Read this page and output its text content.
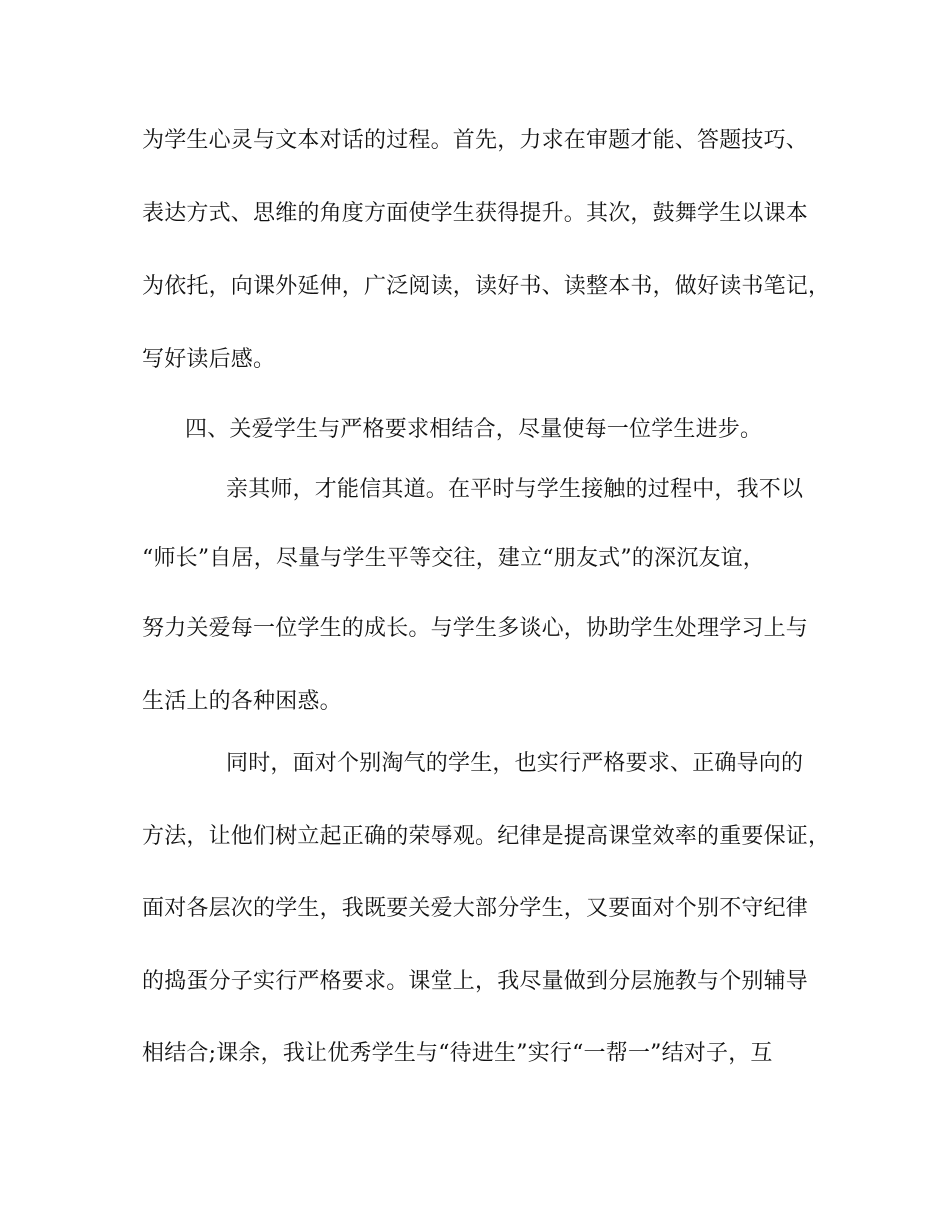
为学生心灵与文本对话的过程。首先，力求在审题才能、答题技巧、
表达方式、思维的角度方面使学生获得提升。其次，鼓舞学生以课本
为依托，向课外延伸，广泛阅读，读好书、读整本书，做好读书笔记，
写好读后感。
四、关爱学生与严格要求相结合，尽量使每一位学生进步。
亲其师，才能信其道。在平时与学生接触的过程中，我不以
“师长”自居，尽量与学生平等交往，建立“朋友式”的深沉友谊，
努力关爱每一位学生的成长。与学生多谈心，协助学生处理学习上与
生活上的各种困惑。
同时，面对个别淘气的学生，也实行严格要求、正确导向的
方法，让他们树立起正确的荣辱观。纪律是提高课堂效率的重要保证，
面对各层次的学生，我既要关爱大部分学生，又要面对个别不守纪律
的捣蛋分子实行严格要求。课堂上，我尽量做到分层施教与个别辅导
相结合;课余，我让优秀学生与“待进生”实行“一帮一”结对子，互
